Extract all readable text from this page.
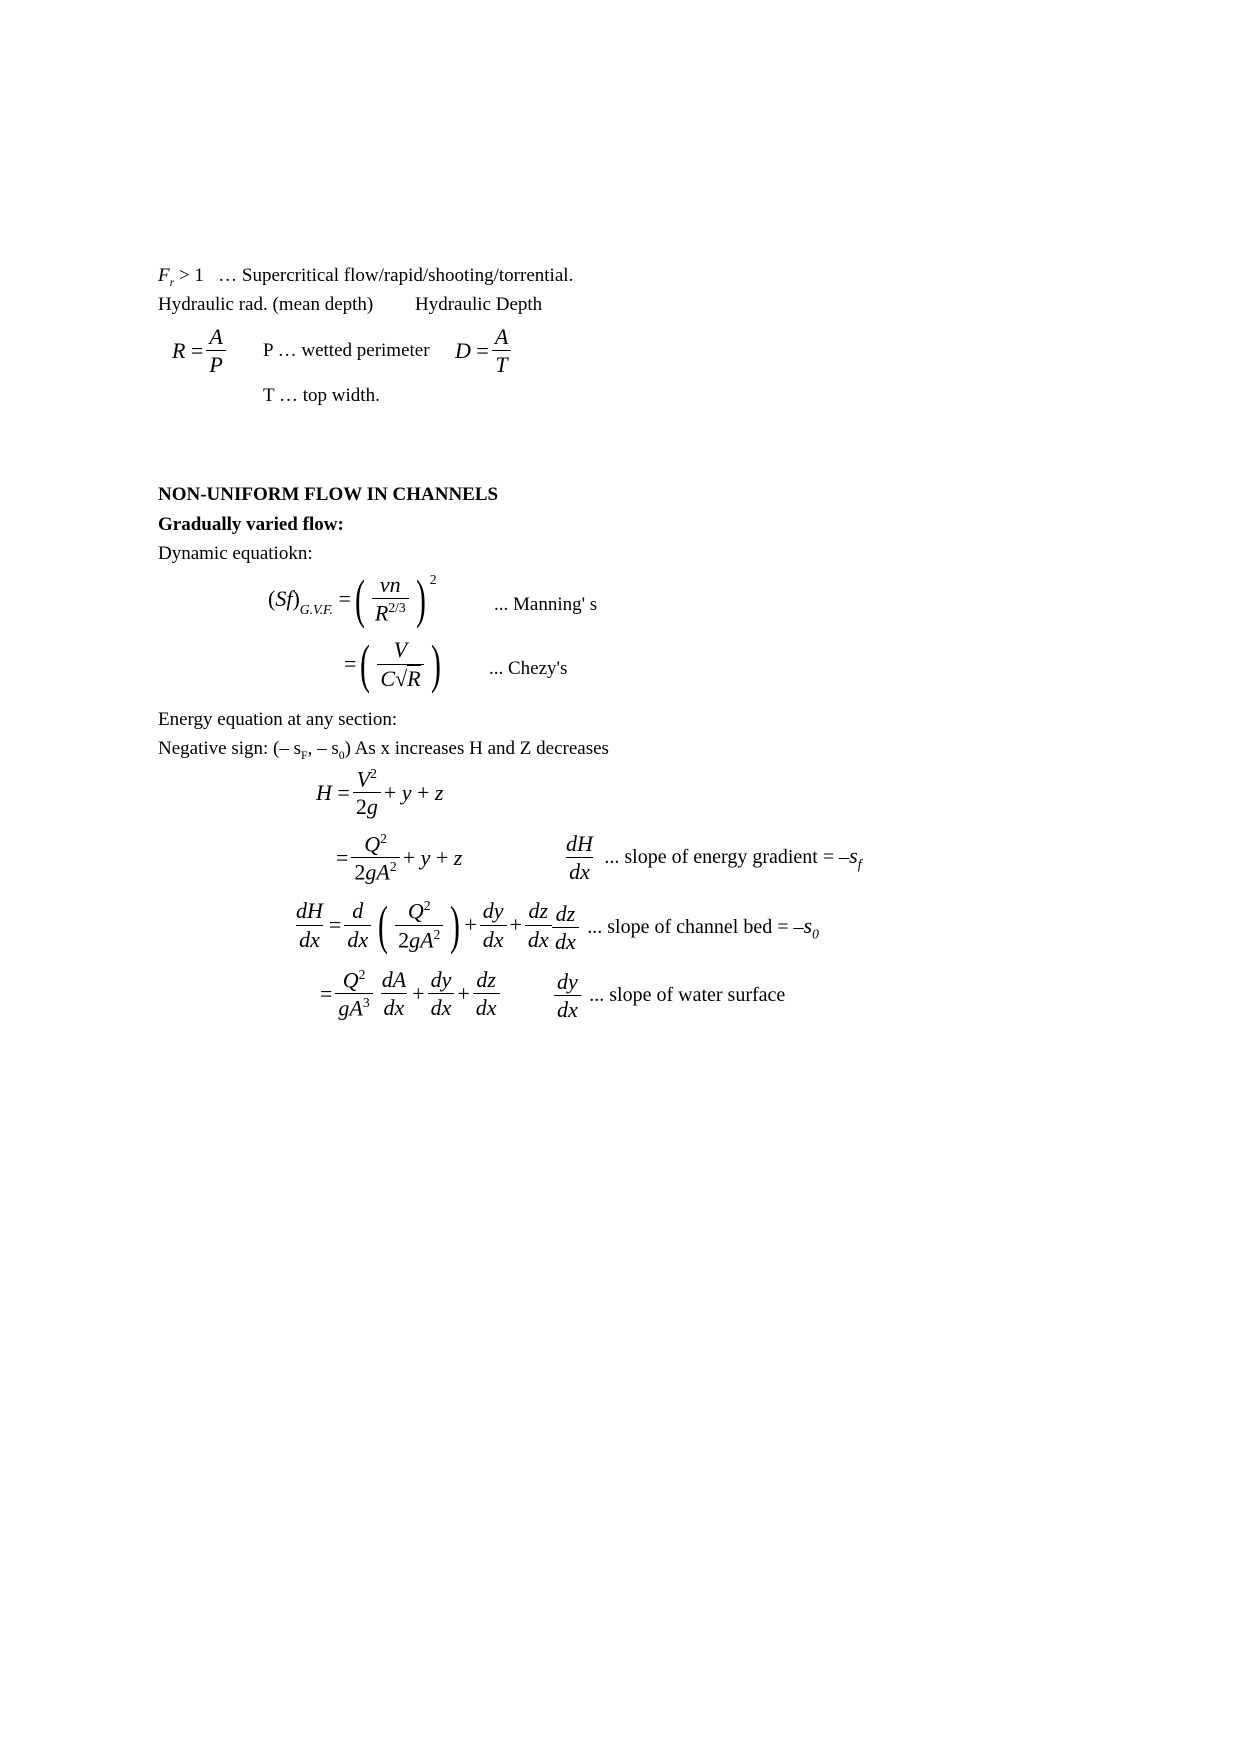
$F_r > 1$   … Supercritical flow/rapid/shooting/torrential.
Hydraulic rad. (mean depth) Hydraulic Depth
$R = \frac{A}{P}$ P … wetted perimeter $D = \frac{A}{T}$
T … top width.
NON-UNIFORM FLOW IN CHANNELS
Gradually varied flow:
Dynamic equatiokn:
( Sf )$_{G.V.F.}$ = ( $\frac{vn}{R^{2/3}}$ ) $^2$
... Manning' s
= ( $\frac{V}{C√R}$ )	... Chezy's
Energy equation at any section:
Negative sign: (– $s_F$, – $s_0$) As x increases H and Z decreases
$H = \frac{V^2}{2g} + y + z$
= $\frac{Q^2}{2gA^2} + y + z$	$\frac{dH}{dx}$
... slope of energy gradient = – $s_f$
$\frac{dH}{dx} = \frac{d}{dx}$ ( $\frac{Q^2}{2gA^2}$ ) + $\frac{dy}{dx} + \frac{dz}{dx} \frac{dz}{dx}$
... slope of channel bed = – $s_0$
= $\frac{Q^2}{gA^3} \frac{dA}{dx} + \frac{dy}{dx} + \frac{dz}{dx} \frac{dy}{dx}$
... slope of water surface
